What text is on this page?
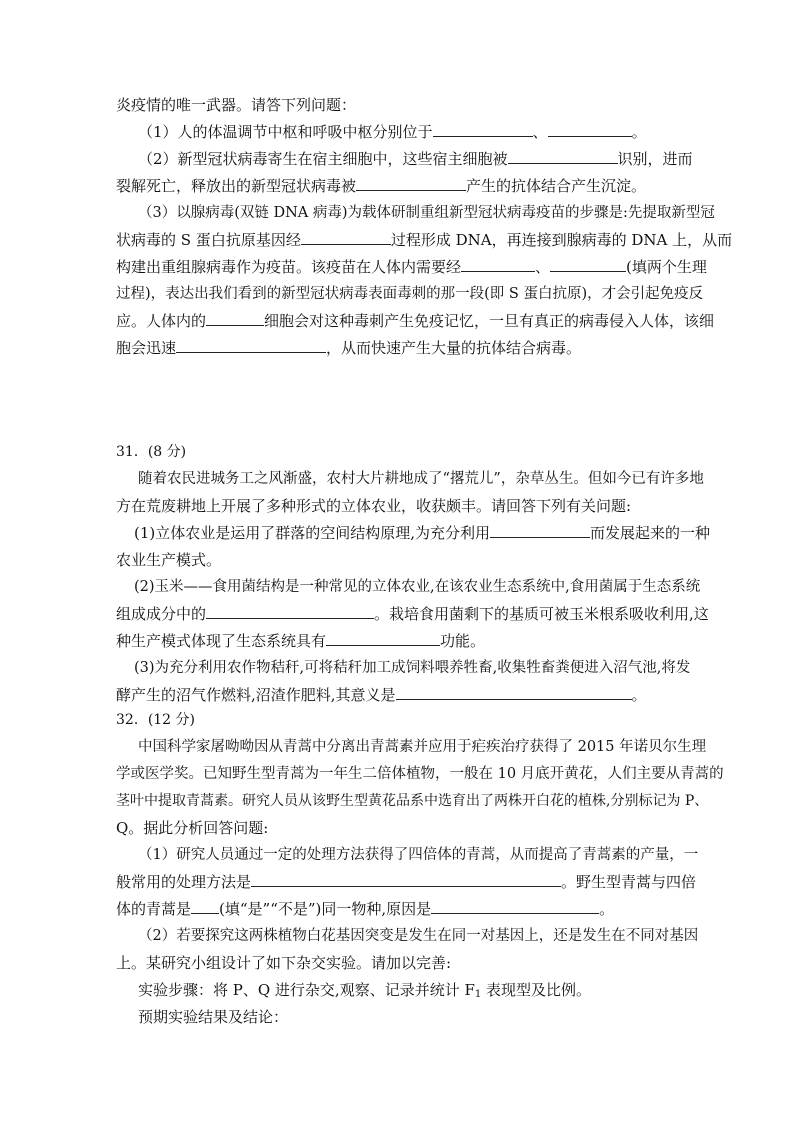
炎疫情的唯一武器。请答下列问题：
（1）人的体温调节中枢和呼吸中枢分别位于	、	。
（2）新型冠状病毒寄生在宿主细胞中，这些宿主细胞被	识别，进而
裂解死亡，释放出的新型冠状病毒被	产生的抗体结合产生沉淀。
（3）以腺病毒(双链 DNA 病毒)为载体研制重组新型冠状病毒疫苗的步骤是:先提取新型冠
状病毒的 S 蛋白抗原基因经	过程形成 DNA，再连接到腺病毒的 DNA 上，从而
构建出重组腺病毒作为疫苗。该疫苗在人体内需要经	、	(填两个生理
过程)，表达出我们看到的新型冠状病毒表面毒刺的那一段(即 S 蛋白抗原)，才会引起免疫反
应。人体内的	细胞会对这种毒刺产生免疫记忆，一旦有真正的病毒侵入人体，该细
胞会迅速	，从而快速产生大量的抗体结合病毒。
31．(8 分)
随着农民进城务工之风渐盛，农村大片耕地成了“撂荒儿”，杂草丛生。但如今已有许多地
方在荒废耕地上开展了多种形式的立体农业，收获颇丰。请回答下列有关问题:
(1)立体农业是运用了群落的空间结构原理,为充分利用	而发展起来的一种
农业生产模式。
(2)玉米——食用菌结构是一种常见的立体农业,在该农业生态系统中,食用菌属于生态系统
组成成分中的	。栽培食用菌剩下的基质可被玉米根系吸收利用,这
种生产模式体现了生态系统具有	功能。
(3)为充分利用农作物秸秆,可将秸秆加工成饲料喂养牲畜,收集牲畜粪便进入沼气池,将发
酵产生的沼气作燃料,沼渣作肥料,其意义是	。
32．(12 分)
中国科学家屠呦呦因从青蒿中分离出青蒿素并应用于疟疾治疗获得了 2015 年诺贝尔生理
学或医学奖。已知野生型青蒿为一年生二倍体植物，一般在 10 月底开黄花，人们主要从青蒿的
茎叶中提取青蒿素。研究人员从该野生型黄花品系中选育出了两株开白花的植株,分别标记为 P、
Q。据此分析回答问题:
（1）研究人员通过一定的处理方法获得了四倍体的青蒿，从而提高了青蒿素的产量，一
般常用的处理方法是	。野生型青蒿与四倍
体的青蒿是 (填“是”“不是”)同一物种,原因是	。
（2）若要探究这两株植物白花基因突变是发生在同一对基因上，还是发生在不同对基因
上。某研究小组设计了如下杂交实验。请加以完善:
实验步骤：将 P、Q 进行杂交,观察、记录并统计 $F_1$ 表现型及比例。
预期实验结果及结论：
